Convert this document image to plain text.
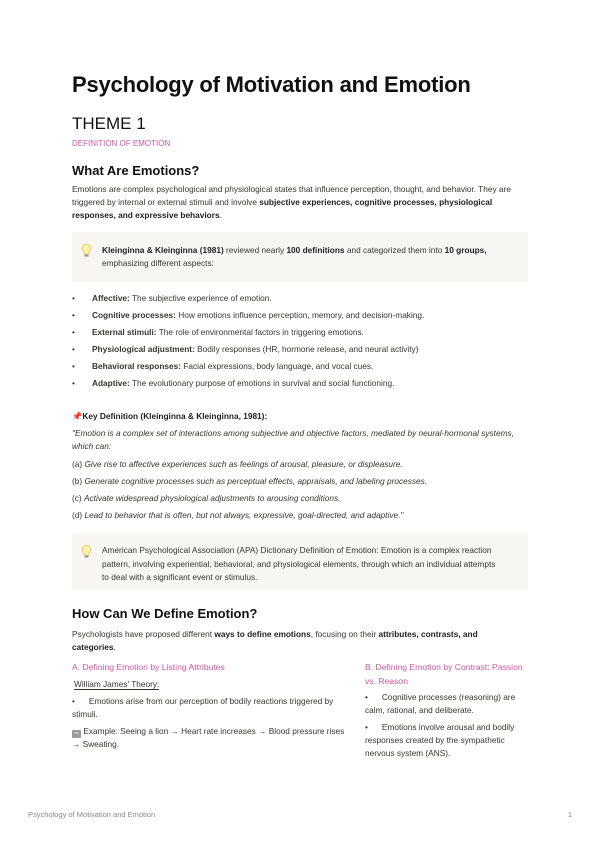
Psychology of Motivation and Emotion
THEME 1
DEFINITION OF EMOTION
What Are Emotions?
Emotions are complex psychological and physiological states that influence perception, thought, and behavior. They are triggered by internal or external stimuli and involve subjective experiences, cognitive processes, physiological responses, and expressive behaviors.
Kleinginna & Kleinginna (1981) reviewed nearly 100 definitions and categorized them into 10 groups, emphasizing different aspects:
• Affective: The subjective experience of emotion.
• Cognitive processes: How emotions influence perception, memory, and decision-making.
• External stimuli: The role of environmental factors in triggering emotions.
• Physiological adjustment: Bodily responses (HR, hormone release, and neural activity)
• Behavioral responses: Facial expressions, body language, and vocal cues.
• Adaptive: The evolutionary purpose of emotions in survival and social functioning.
📌Key Definition (Kleinginna & Kleinginna, 1981):
"Emotion is a complex set of interactions among subjective and objective factors, mediated by neural-hormonal systems, which can:
(a) Give rise to affective experiences such as feelings of arousal, pleasure, or displeasure.
(b) Generate cognitive processes such as perceptual effects, appraisals, and labeling processes.
(c) Activate widespread physiological adjustments to arousing conditions.
(d) Lead to behavior that is often, but not always, expressive, goal-directed, and adaptive."
American Psychological Association (APA) Dictionary Definition of Emotion: Emotion is a complex reaction pattern, involving experiential, behavioral, and physiological elements, through which an individual attempts to deal with a significant event or stimulus.
How Can We Define Emotion?
Psychologists have proposed different ways to define emotions, focusing on their attributes, contrasts, and categories.
A. Defining Emotion by Listing Attributes
William James' Theory:
• Emotions arise from our perception of bodily reactions triggered by stimuli.
⇨ Example: Seeing a lion → Heart rate increases → Blood pressure rises → Sweating.
B. Defining Emotion by Contrast: Passion vs. Reason
• Cognitive processes (reasoning) are calm, rational, and deliberate.
• Emotions involve arousal and bodily responses created by the sympathetic nervous system (ANS).
Psychology of Motivation and Emotion	1
